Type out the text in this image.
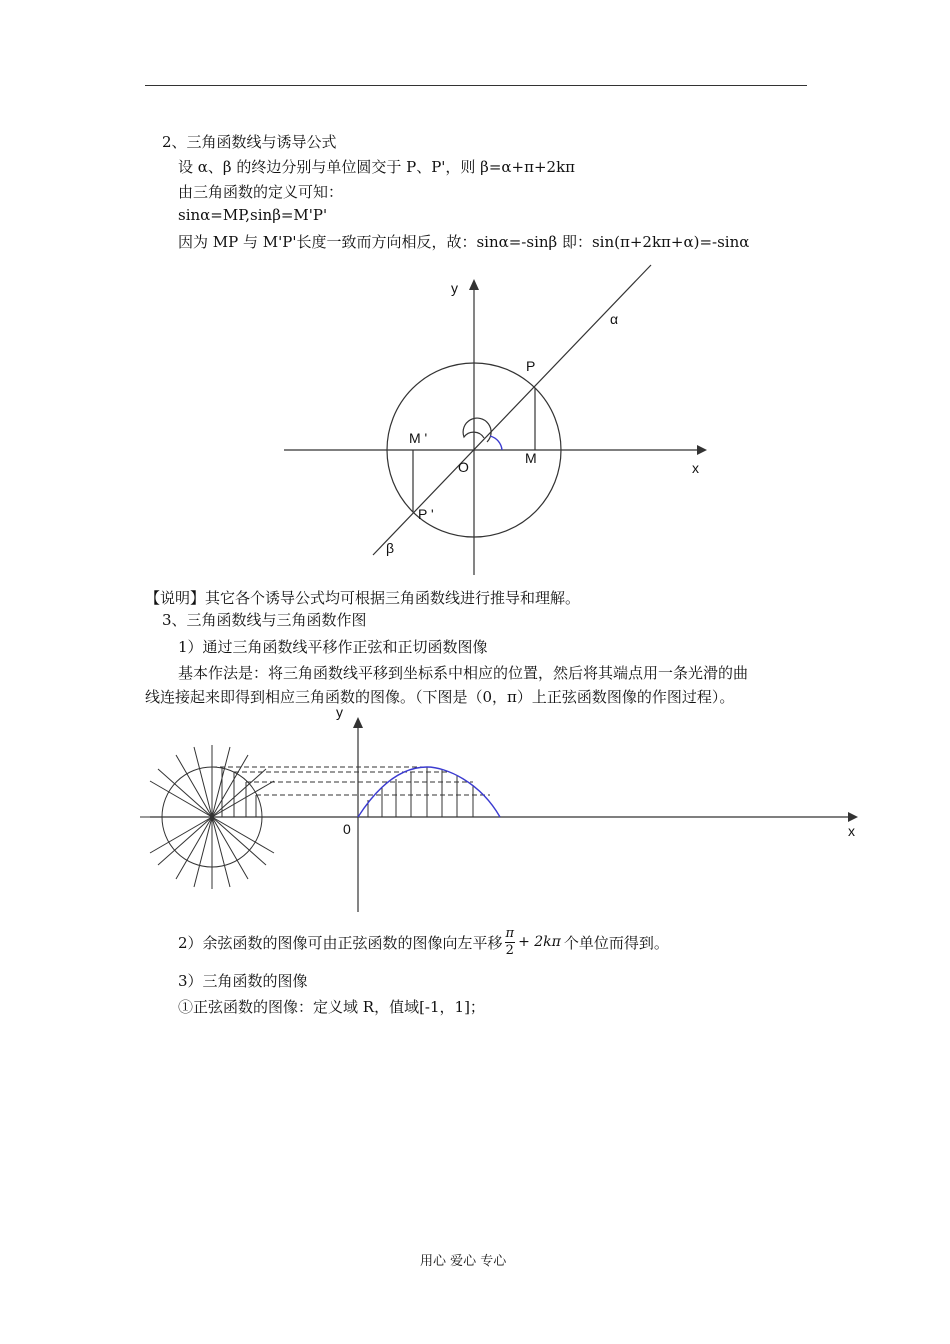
2、三角函数线与诱导公式
设 α、β 的终边分别与单位圆交于 P、P'，则 β=α+π+2kπ
由三角函数的定义可知：
sinα=MP,sinβ=M'P'
因为 MP 与 M'P'长度一致而方向相反，故：sinα=-sinβ 即：sin(π+2kπ+α)=-sinα
y
x
O
α
β
P
M
M '
P '
【说明】其它各个诱导公式均可根据三角函数线进行推导和理解。
3、三角函数线与三角函数作图
1）通过三角函数线平移作正弦和正切函数图像
基本作法是：将三角函数线平移到坐标系中相应的位置，然后将其端点用一条光滑的曲
线连接起来即得到相应三角函数的图像。（下图是（0，π）上正弦函数图像的作图过程）。
y
x
0
2）余弦函数的图像可由正弦函数的图像向左平移 $\frac{\pi}{2} + 2k\pi$ 个单位而得到。
3）三角函数的图像
①正弦函数的图像：定义域 R，值域[-1，1]；
用心 爱心 专心
